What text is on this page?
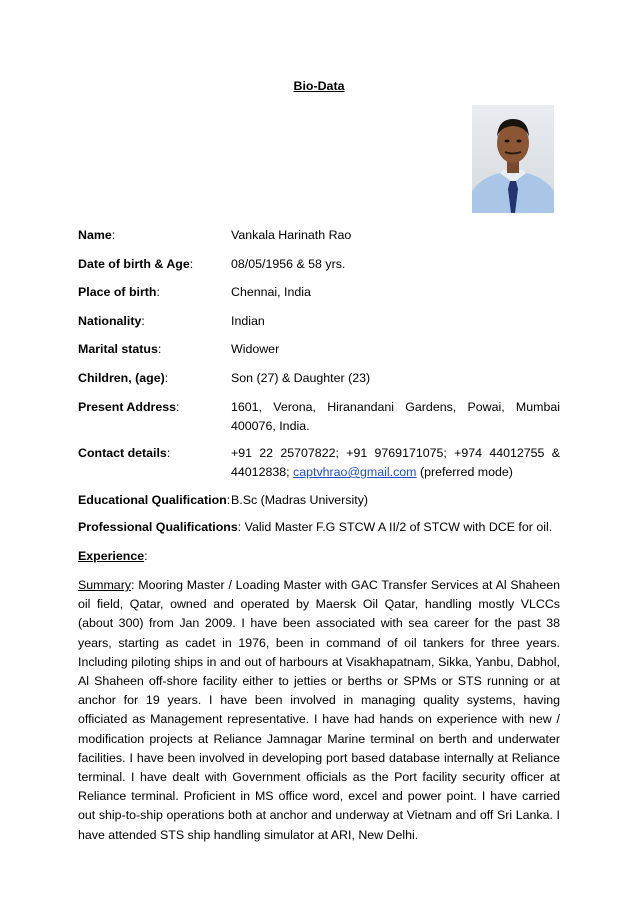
Bio-Data
Name:	Vankala Harinath Rao
Date of birth & Age:	08/05/1956 & 58 yrs.
Place of birth:	Chennai, India
Nationality:	Indian
Marital status:	Widower
Children, (age):	Son (27) & Daughter (23)
Present Address:	1601, Verona, Hiranandani Gardens, Powai, Mumbai 400076, India.
Contact details:	+91 22 25707822; +91 9769171075; +974 44012755 & 44012838; captvhrao@gmail.com (preferred mode)
Educational Qualification: B.Sc (Madras University)
Professional Qualifications: Valid Master F.G STCW A II/2 of STCW with DCE for oil.
Experience:
Summary: Mooring Master / Loading Master with GAC Transfer Services at Al Shaheen oil field, Qatar, owned and operated by Maersk Oil Qatar, handling mostly VLCCs (about 300) from Jan 2009. I have been associated with sea career for the past 38 years, starting as cadet in 1976, been in command of oil tankers for three years. Including piloting ships in and out of harbours at Visakhapatnam, Sikka, Yanbu, Dabhol, Al Shaheen off-shore facility either to jetties or berths or SPMs or STS running or at anchor for 19 years. I have been involved in managing quality systems, having officiated as Management representative. I have had hands on experience with new / modification projects at Reliance Jamnagar Marine terminal on berth and underwater facilities. I have been involved in developing port based database internally at Reliance terminal. I have dealt with Government officials as the Port facility security officer at Reliance terminal. Proficient in MS office word, excel and power point. I have carried out ship-to-ship operations both at anchor and underway at Vietnam and off Sri Lanka. I have attended STS ship handling simulator at ARI, New Delhi.
